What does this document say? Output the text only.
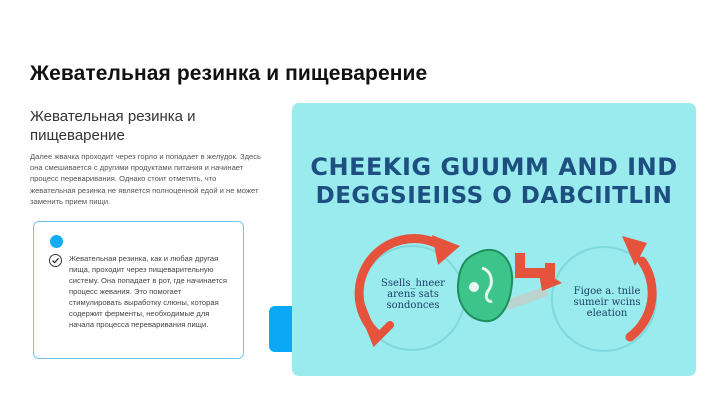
Жевательная резинка и пищеварение
Жевательная резинка и пищеварение
Далее жвачка проходит через горло и попадает в желудок. Здесь она смешивается с другими продуктами питания и начинает процесс переваривания. Однако стоит отметить, что жевательная резинка не является полноценной едой и не может заменить прием пищи.
Жевательная резинка, как и любая другая пища, проходит через пищеварительную систему. Она попадает в рот, где начинается процесс жевания. Это помогает стимулировать выработку слюны, которая содержит ферменты, необходимые для начала процесса переваривания пищи.
CHEEKIG GUUMM AND IND
DEGGSIEIISS O DABCIITLIN
Ssells_hneer arens sats sondonces
Figoe a. tnile sumeir wcins eleation
